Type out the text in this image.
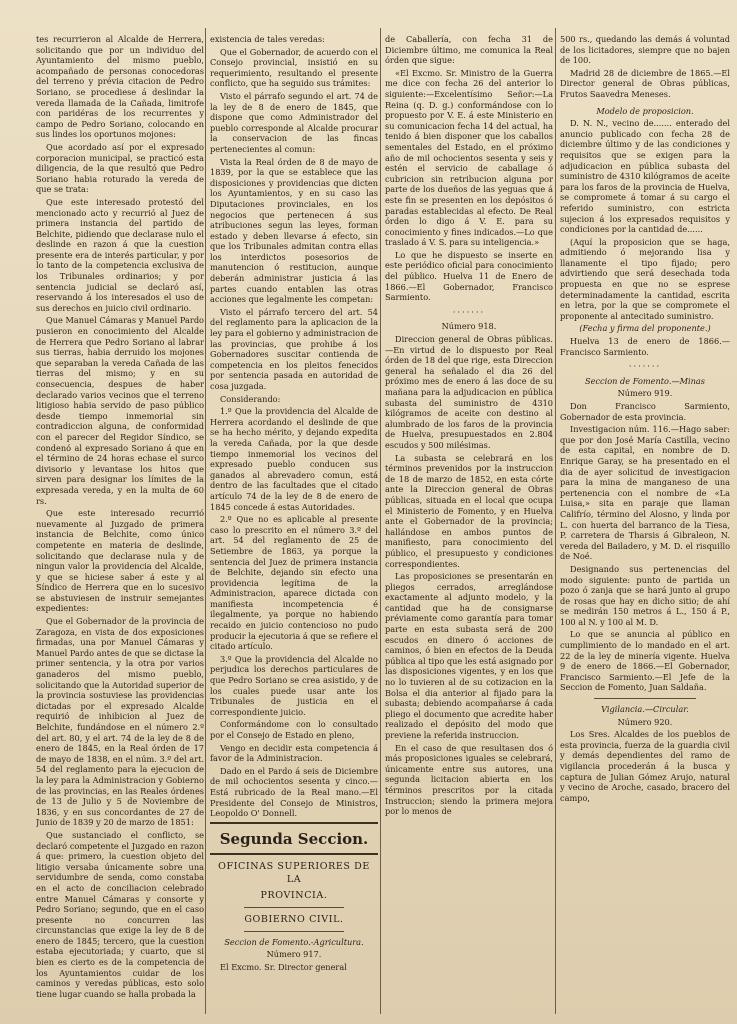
tes recurrieron al Alcalde de Herrera, solicitando que por un individuo del Ayuntamiento del mismo pueblo, acompañado de personas conocedoras del terreno y prévia citacion de Pedro Soriano, se procediese á deslindar la vereda llamada de la Cañada, limitrofe con paridéras de los recurrentes y campo de Pedro Soriano, colocando en sus lindes los oportunos mojones:

Que acordado así por el expresado corporacion municipal, se practicó esta diligencia, de la que resultó que Pedro Soriano habia roturado la vereda de que se trata:

Que este interesado protestó del mencionado acto y recurrió al Juez de primera instancia del partido de Belchite, pidiendo que declarase nulo el deslinde en razon á que la cuestion presente era de interés particular, y por lo tanto de la competencia exclusiva de los Tribunales ordinarios; y por sentencia judicial se declaró así, reservando á los interesados el uso de sus derechos en juicio civil ordinario.

Que Manuel Cámaras y Manuel Pardo pusieron en conocimiento del Alcalde de Herrera que Pedro Soriano al labrar sus tierras, habia derruido los mojones que separaban la vereda Cañada de las tierras del mismo; y en su consecuencia, despues de haber declarado varios vecinos que el terreno litigioso habia servido de paso público desde tiempo inmemorial sin contradiccion alguna, de conformidad con el parecer del Regidor Síndico, se condenó al expresado Soriano á que en el término de 24 horas echase el surco divisorio y levantase los hitos que sirven para designar los límites de la expresada vereda, y en la multa de 60 rs.

Que este interesado recurrió nuevamente al Juzgado de primera instancia de Belchite, como único competente en materia de deslinde, solicitando que declarase nula y de ningun valor la providencia del Alcalde, y que se hiciese saber á este y al Síndico de Herrera que en lo sucesivo se abstuviesen de instruir semejantes expedientes:

Que el Gobernador de la provincia de Zaragoza, en vista de dos exposiciones firmadas, una por Manuel Cámaras y Manuel Pardo antes de que se dictase la primer sentencia, y la otra por varios ganaderos del mismo pueblo, solicitando que la Autoridad superior de la provincia sostuviese las providencias dictadas por el expresado Alcalde requirió de inhibicion al Juez de Belchite, fundándose en el número 2.º del art. 80, y el art. 74 de la ley de 8 de enero de 1845, en la Real órden de 17 de mayo de 1838, en el núm. 3.º del art. 54 del reglamento para la ejecucion de la ley para la Administracion y Gobierno de las provincias, en las Reales órdenes de 13 de Julio y 5 de Noviembre de 1836, y en sus concordantes de 27 de Junio de 1839 y 20 de marzo de 1851:

Que sustanciado el conflicto, se declaró competente el Juzgado en razon á que: primero, la cuestion objeto del litigio versaba únicamente sobre una servidumbre de senda, como constaba en el acto de conciliacion celebrado entre Manuel Cámaras y consorte y Pedro Soriano; segundo, que en el caso presente no concurren las circunstancias que exige la ley de 8 de enero de 1845; tercero, que la cuestion estaba ejecutoriada; y cuarto, que si bien es cierto es de la competencia de los Ayuntamientos cuidar de los caminos y veredas públicas, esto solo tiene lugar cuando se halla probada la

existencia de tales veredas:

Que el Gobernador, de acuerdo con el Consejo provincial, insistió en su requerimiento, resultando el presente conflicto, que ha seguido sus trámites:

Visto el párrafo segundo el art. 74 de la ley de 8 de enero de 1845, que dispone que como Administrador del pueblo corresponde al Alcalde procurar la conservacion de las fincas pertenecientes al comun:

Vista la Real órden de 8 de mayo de 1839, por la que se establece que las disposiciones y providencias que dicten los Ayuntamientos, y en su caso las Diputaciones provinciales, en los negocios que pertenecen á sus atribuciones segun las leyes, forman estado y deben llevarse á efecto, sin que los Tribunales admitan contra ellas los interdictos posesorios de manutencion ó restitucion, aunque deberán administrar justicia á las partes cuando entablen las otras acciones que legalmente les competan:

Visto el párrafo tercero del art. 54 del reglamento para la aplicacion de la ley para el gobierno y administracion de las provincias, que prohibe á los Gobernadores suscitar contienda de competencia en los pleitos fenecidos por sentencia pasada en autoridad de cosa juzgada.

Considerando:

1.º Que la providencia del Alcalde de Herrera acordando el deslinde de que se ha hecho mérito, y dejando expedita la vereda Cañada, por la que desde tiempo inmemorial los vecinos del expresado pueblo conducen sus ganados al abrevadero comun, está dentro de las facultades que el citado artículo 74 de la ley de 8 de enero de 1845 concede á estas Autoridades.

2.º Que no es aplicable al presente caso lo prescrito en el número 3.º del art. 54 del reglamento de 25 de Setiembre de 1863, ya porque la sentencia del Juez de primera instancia de Belchite, dejando sin efecto una providencia legítima de la Administracion, aparece dictada con manifiesta incompetencia é ilegalmente, ya porque no habiendo recaido en juicio contencioso no pudo producir la ejecutoria á que se refiere el citado artículo.

3.º Que la providencia del Alcalde no perjudica los derechos particulares de que Pedro Soriano se crea asistido, y de los cuales puede usar ante los Tribunales de justicia en el correspondiente juicio.

Conformándome con lo consultado por el Consejo de Estado en pleno,

Vengo en decidir esta competencia á favor de la Administracion.

Dado en el Pardo á seis de Diciembre de mil ochocientos sesenta y cinco.—Está rubricado de la Real mano.—El Presidente del Consejo de Ministros, Leopoldo O' Donnell.

Segunda Seccion.
OFICINAS SUPERIORES DE LA
PROVINCIA.
GOBIERNO CIVIL.

Seccion de Fomento.-Agricultura.

Número 917.

El Excmo. Sr. Director general

de Caballería, con fecha 31 de Diciembre último, me comunica la Real órden que sigue:

«El Excmo. Sr. Ministro de la Guerra me dice con fecha 26 del anterior lo siguiente:—Excelentísimo Señor:—La Reina (q. D. g.) conformándose con lo propuesto por V. E. á este Ministerio en su comunicacion fecha 14 del actual, ha tenido á bien disponer que los caballos sementales del Estado, en el próximo año de mil ochocientos sesenta y seis y estén el servicio de caballage ó cubricion sin retribucion alguna por parte de los dueños de las yeguas que á este fin se presenten en los depósitos ó paradas establecidas al efecto. De Real órden lo digo á V. E. para su conocimiento y fines indicados.—Lo que traslado á V. S. para su inteligencia.»

Lo que he dispuesto se inserte en este periódico oficial para conocimiento del público. Huelva 11 de Enero de 1866.—El Gobernador, Francisco Sarmiento.

·······

Número 918.

Direccion general de Obras públicas.—En virtud de lo dispuesto por Real órden de 18 del que rige, esta Direccion general ha señalado el dia 26 del próximo mes de enero á las doce de su mañana para la adjudicacion en pública subasta del suministro de 4310 kilógramos de aceite con destino al alumbrado de los faros de la provincia de Huelva, presupuestados en 2.804 escudos y 500 milésimas.

La subasta se celebrará en los términos prevenidos por la instruccion de 18 de marzo de 1852, en esta córte ante la Direccion general de Obras públicas, situada en el local que ocupa el Ministerio de Fomento, y en Huelva ante el Gobernador de la provincia; hallándose en ambos puntos de manifiesto, para conocimiento del público, el presupuesto y condiciones correspondientes.

Las proposiciones se presentarán en pliegos cerrados, arreglándose exactamente al adjunto modelo, y la cantidad que ha de consignarse préviamente como garantía para tomar parte en esta subasta será de 200 escudos en dinero ó acciones de caminos, ó bien en efectos de la Deuda pública al tipo que les está asignado por las disposiciones vigentes, y en los que no lo tuvieren al de su cotizacion en la Bolsa el dia anterior al fijado para la subasta; debiendo acompañarse á cada pliego el documento que acredite haber realizado el depósito del modo que previene la referida instruccion.

En el caso de que resultasen dos ó más proposiciones iguales se celebrará, únicamente entre sus autores, una segunda licitacion abierta en los términos prescritos por la citada Instruccion; siendo la primera mejora por lo menos de

500 rs., quedando las demás á voluntad de los licitadores, siempre que no bajen de 100.

Madrid 28 de diciembre de 1865.—El Director general de Obras públicas, Frutos Saavedra Meneses.

Modelo de proposicion.

D. N. N., vecino de....... enterado del anuncio publicado con fecha 28 de diciembre último y de las condiciones y requisitos que se exigen para la adjudicacion en pública subasta del suministro de 4310 kilógramos de aceite para los faros de la provincia de Huelva, se compromete á tomar á su cargo el referido suministro, con estricta sujecion á los expresados requisitos y condiciones por la cantidad de......

(Aquí la proposicion que se haga, admitiendo ó mejorando lisa y llanamente el tipo fijado; pero advirtiendo que será desechada toda propuesta en que no se esprese determinadamente la cantidad, escrita en letra, por la que se compromete el proponente al antecitado suministro.

(Fecha y firma del proponente.)

Huelva 13 de enero de 1866.—Francisco Sarmiento.

·······

Seccion de Fomento.—Minas

Número 919.

Don Francisco Sarmiento, Gobernador de esta provincia.

Investigacion núm. 116.—Hago saber: que por don José María Castilla, vecino de esta capital, en nombre de D. Enrique Garay, se ha presentado en el dia de ayer solicitud de investigacion para la mina de manganeso de una pertenencia con el nombre de «La Luisa,» sita en paraje que llaman Califrío, término del Alosno, y linda por L. con huerta del barranco de la Tiesa, P. carretera de Tharsis á Gibraleon, N. vereda del Bailadero, y M. D. el risquillo de Noé.

Designando sus pertenencias del modo siguiente: punto de partida un pozo ó zanja que se hará junto al grupo de rosas que hay en dicho sitio; de ahí se medirán 150 metros á L., 150 á P., 100 al N. y 100 al M. D.

Lo que se anuncia al público en cumplimiento de lo mandado en el art. 22 de la ley de minería vigente. Huelva 9 de enero de 1866.—El Gobernador, Francisco Sarmiento.—El Jefe de la Seccion de Fomento, Juan Saldaña.

Vigilancia.—Circular.

Número 920.

Los Sres. Alcaldes de los pueblos de esta provincia, fuerza de la guardia civil y demás dependientes del ramo de vigilancia procederán á la busca y captura de Julian Gómez Arujo, natural y vecino de Aroche, casado, bracero del campo,
